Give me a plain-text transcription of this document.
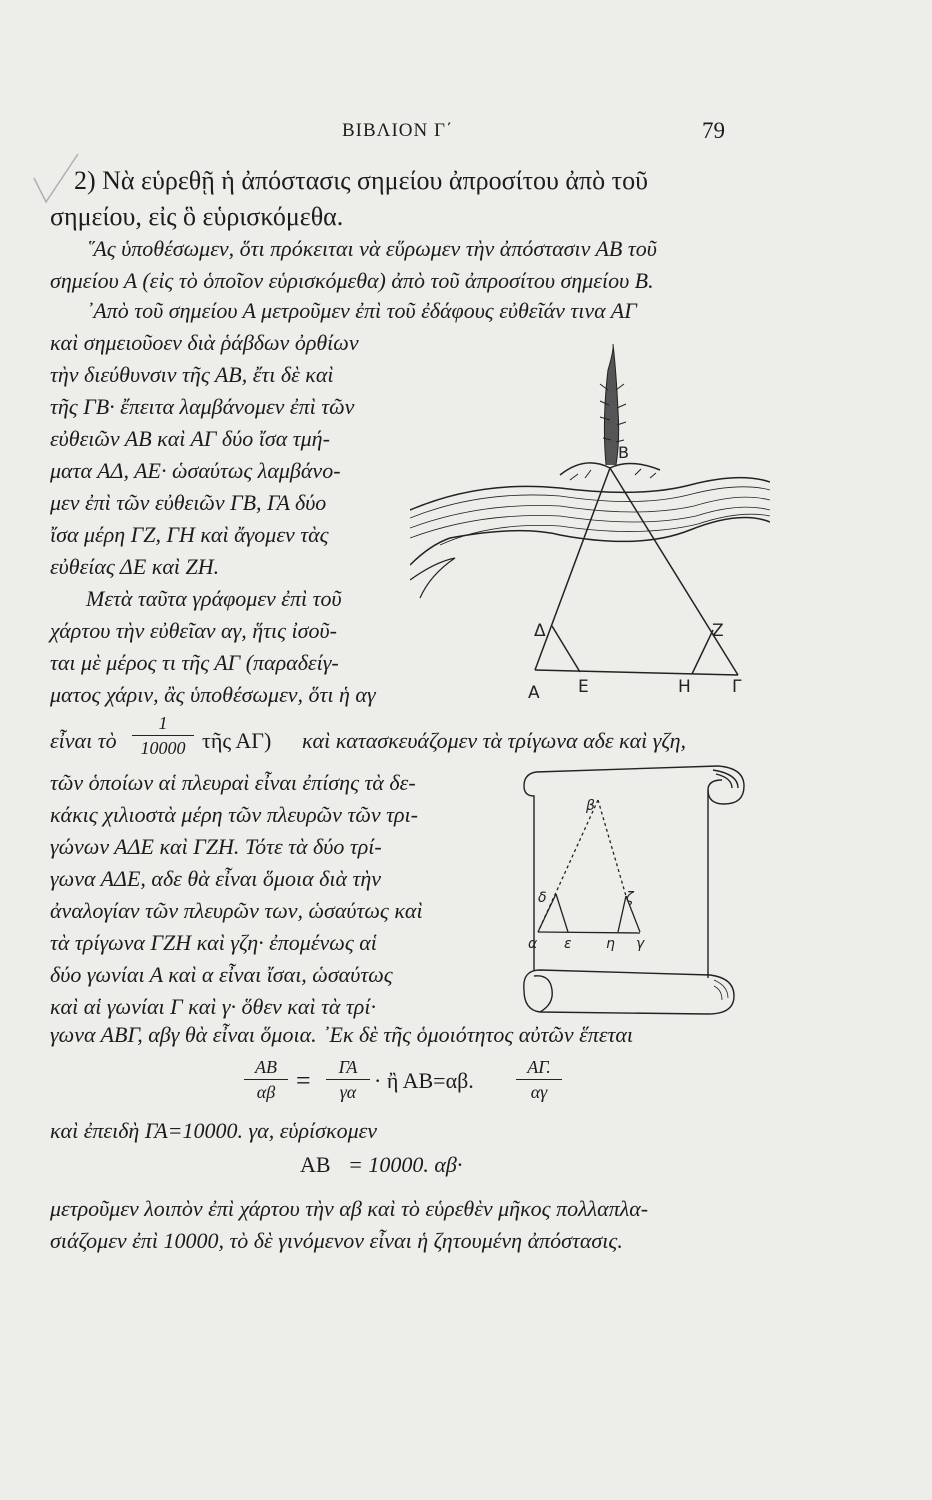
ΒΙΒΛΙΟΝ Γ΄	79
2) Νὰ εὑρεθῇ ἡ ἀπόστασις σημείου ἀπροσίτου ἀπὸ τοῦ
σημείου, εἰς ὃ εὑρισκόμεθα.
῞Ας ὑποθέσωμεν, ὅτι πρόκειται νὰ εὕρωμεν τὴν ἀπόστασιν ΑΒ τοῦ
σημείου Α (εἰς τὸ ὁποῖον εὑρισκόμεθα) ἀπὸ τοῦ ἀπροσίτου σημείου Β.
᾽Απὸ τοῦ σημείου Α μετροῦμεν ἐπὶ τοῦ ἐδάφους εὐθεῖάν τινα ΑΓ
καὶ σημειοῦοεν διὰ ῥάβδων ὀρθίων
τὴν διεύθυνσιν τῆς ΑΒ, ἔτι δὲ καὶ
τῆς ΓΒ· ἔπειτα λαμβάνομεν ἐπὶ τῶν
εὐθειῶν ΑΒ καὶ ΑΓ δύο ἴσα τμή-
ματα ΑΔ, ΑΕ· ὡσαύτως λαμβάνο-
μεν ἐπὶ τῶν εὐθειῶν ΓΒ, ΓΑ δύο
ἴσα μέρη ΓΖ, ΓΗ καὶ ἄγομεν τὰς
εὐθείας ΔΕ καὶ ΖΗ.
Μετὰ ταῦτα γράφομεν ἐπὶ τοῦ
χάρτου τὴν εὐθεῖαν αγ, ἥτις ἰσοῦ-
ται μὲ μέρος τι τῆς ΑΓ (παραδείγ-
ματος χάριν, ἂς ὑποθέσωμεν, ὅτι ἡ αγ
εἶναι τὸ
1
10000 τῆς ΑΓ) καὶ κατασκευάζομεν τὰ τρίγωνα αδε καὶ γζη,
τῶν ὁποίων αἱ πλευραὶ εἶναι ἐπίσης τὰ δε-
κάκις χιλιοστὰ μέρη τῶν πλευρῶν τῶν τρι-
γώνων ΑΔΕ καὶ ΓΖΗ. Τότε τὰ δύο τρί-
γωνα ΑΔΕ, αδε θὰ εἶναι ὅμοια διὰ τὴν
ἀναλογίαν τῶν πλευρῶν των, ὡσαύτως καὶ
τὰ τρίγωνα ΓΖΗ καὶ γζη· ἐπομένως αἱ
δύο γωνίαι Α καὶ α εἶναι ἴσαι, ὡσαύτως
καὶ αἱ γωνίαι Γ καὶ γ· ὅθεν καὶ τὰ τρί·
γωνα ΑΒΓ, αβγ θὰ εἶναι ὅμοια. ᾽Εκ δὲ τῆς ὁμοιότητος αὐτῶν ἕπεται
ΑΒ
αβ =	ΓΑ
γα · ἢ ΑΒ=αβ.
ΑΓ.
αγ
καὶ ἐπειδὴ ΓΑ=10000. γα, εὑρίσκομεν
ΑΒ = 10000. αβ·
μετροῦμεν λοιπὸν ἐπὶ χάρτου τὴν αβ καὶ τὸ εὑρεθὲν μῆκος πολλαπλα-
σιάζομεν ἐπὶ 10000, τὸ δὲ γινόμενον εἶναι ἡ ζητουμένη ἀπόστασις.
Β
Δ	Ζ
Α Ε	Η Γ
β
δ	ζ
α ε η γ
